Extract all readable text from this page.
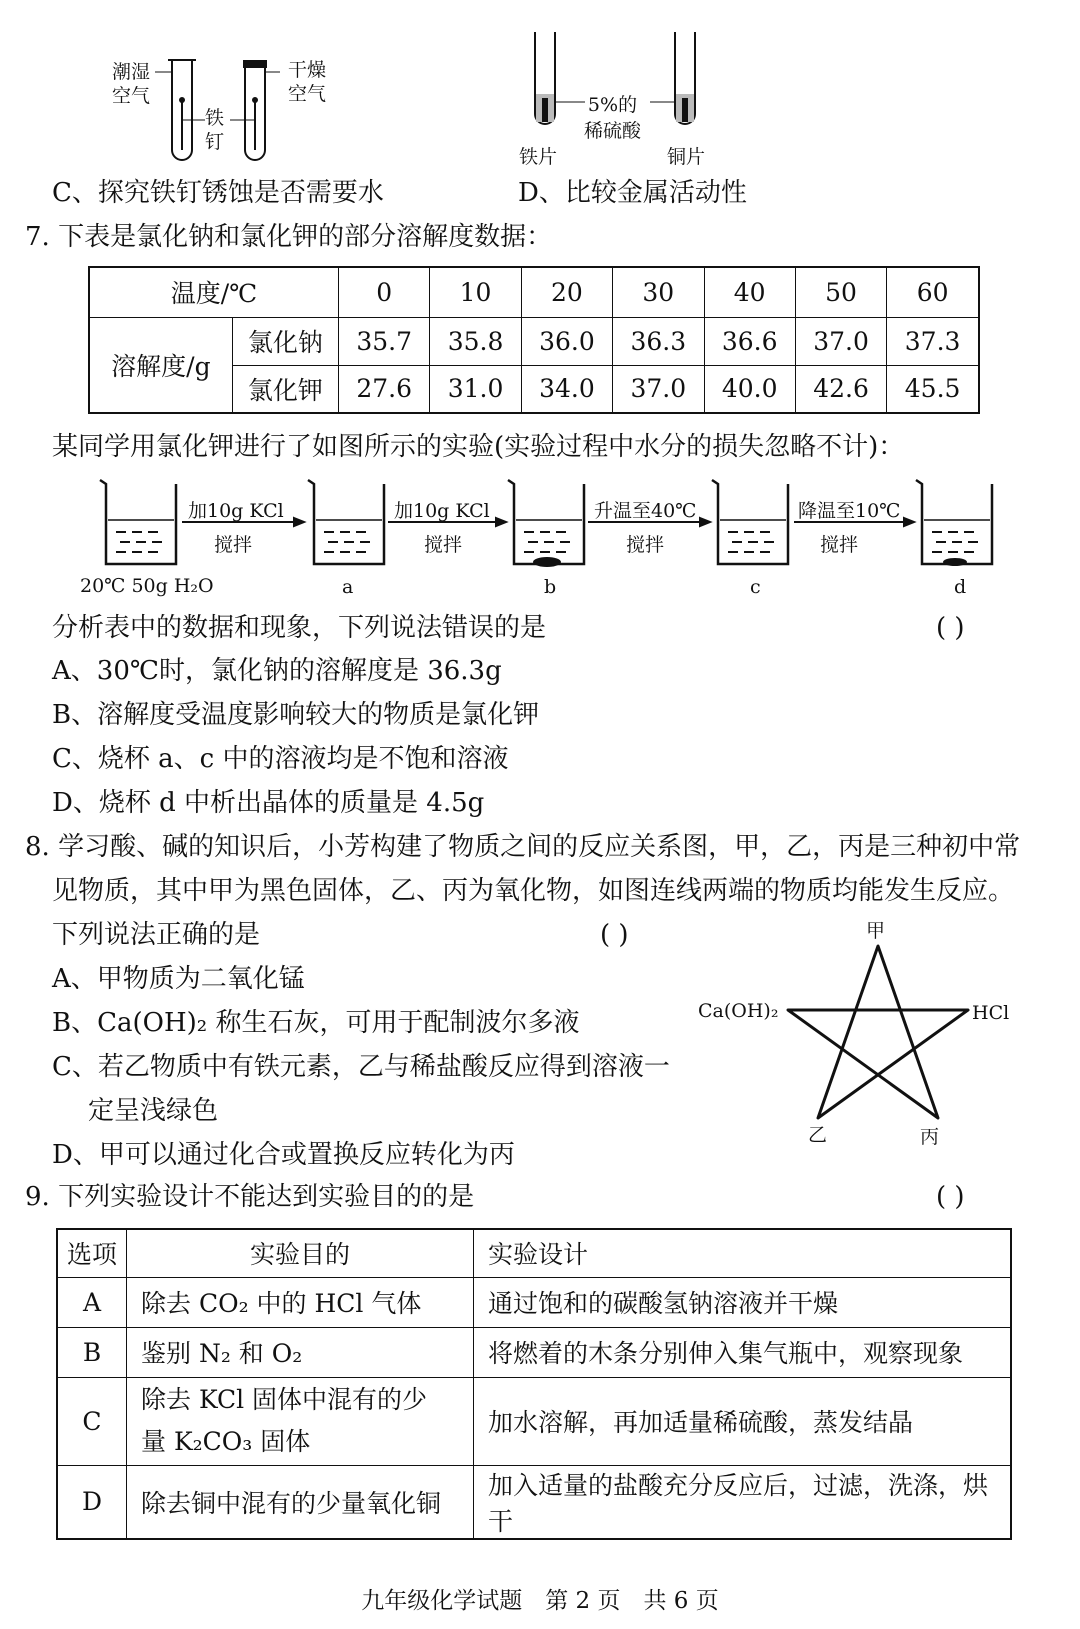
潮湿
空气
干燥
空气
铁
钉
C、探究铁钉锈蚀是否需要水
5%的
稀硫酸
铁片	铜片
D、比较金属活动性
7. 下表是氯化钠和氯化钾的部分溶解度数据：
温度/℃		0	10	20	30	40	50	60
溶解度/g	氯化钠	35.7	35.8	36.0	36.3	36.6	37.0	37.3
	氯化钾	27.6	31.0	34.0	37.0	40.0	42.6	45.5
某同学用氯化钾进行了如图所示的实验(实验过程中水分的损失忽略不计)：
加10g KCl
搅拌
加10g KCl
搅拌
升温至40℃
搅拌
降温至10℃
搅拌
20℃ 50g H₂O	a	b	c	d
分析表中的数据和现象，下列说法错误的是	( )
A、30℃时，氯化钠的溶解度是 36.3g
B、溶解度受温度影响较大的物质是氯化钾
C、烧杯 a、c 中的溶液均是不饱和溶液
D、烧杯 d 中析出晶体的质量是 4.5g
8. 学习酸、碱的知识后，小芳构建了物质之间的反应关系图，甲，乙，丙是三种初中常
见物质，其中甲为黑色固体，乙、丙为氧化物，如图连线两端的物质均能发生反应。
下列说法正确的是	( )
A、甲物质为二氧化锰
B、Ca(OH)₂ 称生石灰，可用于配制波尔多液
C、若乙物质中有铁元素，乙与稀盐酸反应得到溶液一
定呈浅绿色
D、甲可以通过化合或置换反应转化为丙
甲
Ca(OH)₂	HCl
乙	丙
9. 下列实验设计不能达到实验目的的是	( )
选项	实验目的	实验设计
A	除去 CO₂ 中的 HCl 气体	通过饱和的碳酸氢钠溶液并干燥
B	鉴别 N₂ 和 O₂	将燃着的木条分别伸入集气瓶中，观察现象
C	除去 KCl 固体中混有的少
量 K₂CO₃ 固体	加水溶解，再加适量稀硫酸，蒸发结晶
D	除去铜中混有的少量氧化铜	加入适量的盐酸充分反应后，过滤，洗涤，烘干
九年级化学试题　第 2 页　共 6 页
